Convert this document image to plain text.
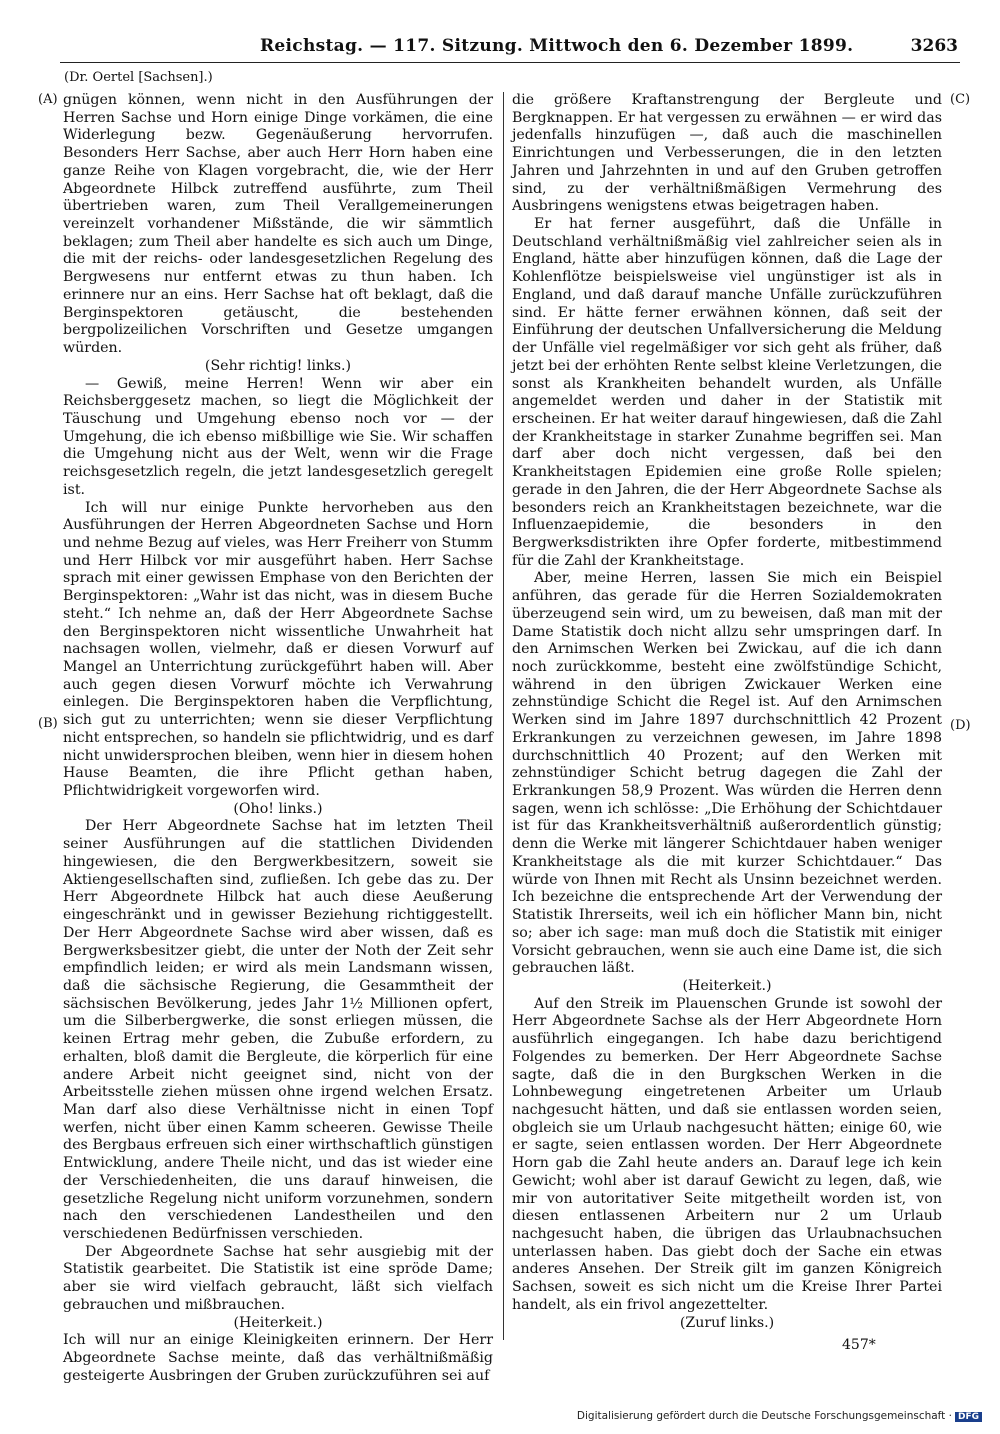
Reichstag. — 117. Sitzung. Mittwoch den 6. Dezember 1899.	3263
(Dr. Oertel [Sachsen].)
(A)
(B)
(C)
(D)

gnügen können, wenn nicht in den Ausführungen der Herren Sachse und Horn einige Dinge vorkämen, die eine Widerlegung bezw. Gegenäußerung hervorrufen. Besonders Herr Sachse, aber auch Herr Horn haben eine ganze Reihe von Klagen vorgebracht, die, wie der Herr Abgeordnete Hilbck zutreffend ausführte, zum Theil übertrieben waren, zum Theil Verallgemeinerungen vereinzelt vorhandener Mißstände, die wir sämmtlich beklagen; zum Theil aber handelte es sich auch um Dinge, die mit der reichs- oder landesgesetzlichen Regelung des Bergwesens nur entfernt etwas zu thun haben. Ich erinnere nur an eins. Herr Sachse hat oft beklagt, daß die Berginspektoren getäuscht, die bestehenden bergpolizeilichen Vorschriften und Gesetze umgangen würden.

(Sehr richtig! links.)

— Gewiß, meine Herren! Wenn wir aber ein Reichsberggesetz machen, so liegt die Möglichkeit der Täuschung und Umgehung ebenso noch vor — der Umgehung, die ich ebenso mißbillige wie Sie. Wir schaffen die Umgehung nicht aus der Welt, wenn wir die Frage reichsgesetzlich regeln, die jetzt landesgesetzlich geregelt ist.

Ich will nur einige Punkte hervorheben aus den Ausführungen der Herren Abgeordneten Sachse und Horn und nehme Bezug auf vieles, was Herr Freiherr von Stumm und Herr Hilbck vor mir ausgeführt haben. Herr Sachse sprach mit einer gewissen Emphase von den Berichten der Berginspektoren: „Wahr ist das nicht, was in diesem Buche steht.“ Ich nehme an, daß der Herr Abgeordnete Sachse den Berginspektoren nicht wissentliche Unwahrheit hat nachsagen wollen, vielmehr, daß er diesen Vorwurf auf Mangel an Unterrichtung zurückgeführt haben will. Aber auch gegen diesen Vorwurf möchte ich Verwahrung einlegen. Die Berginspektoren haben die Verpflichtung, sich gut zu unterrichten; wenn sie dieser Verpflichtung nicht entsprechen, so handeln sie pflichtwidrig, und es darf nicht unwidersprochen bleiben, wenn hier in diesem hohen Hause Beamten, die ihre Pflicht gethan haben, Pflichtwidrigkeit vorgeworfen wird.

(Oho! links.)

Der Herr Abgeordnete Sachse hat im letzten Theil seiner Ausführungen auf die stattlichen Dividenden hingewiesen, die den Bergwerkbesitzern, soweit sie Aktiengesellschaften sind, zufließen. Ich gebe das zu. Der Herr Abgeordnete Hilbck hat auch diese Aeußerung eingeschränkt und in gewisser Beziehung richtiggestellt. Der Herr Abgeordnete Sachse wird aber wissen, daß es Bergwerksbesitzer giebt, die unter der Noth der Zeit sehr empfindlich leiden; er wird als mein Landsmann wissen, daß die sächsische Regierung, die Gesammtheit der sächsischen Bevölkerung, jedes Jahr 1½ Millionen opfert, um die Silberbergwerke, die sonst erliegen müssen, die keinen Ertrag mehr geben, die Zubuße erfordern, zu erhalten, bloß damit die Bergleute, die körperlich für eine andere Arbeit nicht geeignet sind, nicht von der Arbeitsstelle ziehen müssen ohne irgend welchen Ersatz. Man darf also diese Verhältnisse nicht in einen Topf werfen, nicht über einen Kamm scheeren. Gewisse Theile des Bergbaus erfreuen sich einer wirthschaftlich günstigen Entwicklung, andere Theile nicht, und das ist wieder eine der Verschiedenheiten, die uns darauf hinweisen, die gesetzliche Regelung nicht uniform vorzunehmen, sondern nach den verschiedenen Landestheilen und den verschiedenen Bedürfnissen verschieden.

Der Abgeordnete Sachse hat sehr ausgiebig mit der Statistik gearbeitet. Die Statistik ist eine spröde Dame; aber sie wird vielfach gebraucht, läßt sich vielfach gebrauchen und mißbrauchen.

(Heiterkeit.)

Ich will nur an einige Kleinigkeiten erinnern. Der Herr Abgeordnete Sachse meinte, daß das verhältnißmäßig gesteigerte Ausbringen der Gruben zurückzuführen sei auf

die größere Kraftanstrengung der Bergleute und Bergknappen. Er hat vergessen zu erwähnen — er wird das jedenfalls hinzufügen —, daß auch die maschinellen Einrichtungen und Verbesserungen, die in den letzten Jahren und Jahrzehnten in und auf den Gruben getroffen sind, zu der verhältnißmäßigen Vermehrung des Ausbringens wenigstens etwas beigetragen haben.

Er hat ferner ausgeführt, daß die Unfälle in Deutschland verhältnißmäßig viel zahlreicher seien als in England, hätte aber hinzufügen können, daß die Lage der Kohlenflötze beispielsweise viel ungünstiger ist als in England, und daß darauf manche Unfälle zurückzuführen sind. Er hätte ferner erwähnen können, daß seit der Einführung der deutschen Unfallversicherung die Meldung der Unfälle viel regelmäßiger vor sich geht als früher, daß jetzt bei der erhöhten Rente selbst kleine Verletzungen, die sonst als Krankheiten behandelt wurden, als Unfälle angemeldet werden und daher in der Statistik mit erscheinen. Er hat weiter darauf hingewiesen, daß die Zahl der Krankheitstage in starker Zunahme begriffen sei. Man darf aber doch nicht vergessen, daß bei den Krankheitstagen Epidemien eine große Rolle spielen; gerade in den Jahren, die der Herr Abgeordnete Sachse als besonders reich an Krankheitstagen bezeichnete, war die Influenzaepidemie, die besonders in den Bergwerksdistrikten ihre Opfer forderte, mitbestimmend für die Zahl der Krankheitstage.

Aber, meine Herren, lassen Sie mich ein Beispiel anführen, das gerade für die Herren Sozialdemokraten überzeugend sein wird, um zu beweisen, daß man mit der Dame Statistik doch nicht allzu sehr umspringen darf. In den Arnimschen Werken bei Zwickau, auf die ich dann noch zurückkomme, besteht eine zwölfstündige Schicht, während in den übrigen Zwickauer Werken eine zehnstündige Schicht die Regel ist. Auf den Arnimschen Werken sind im Jahre 1897 durchschnittlich 42 Prozent Erkrankungen zu verzeichnen gewesen, im Jahre 1898 durchschnittlich 40 Prozent; auf den Werken mit zehnstündiger Schicht betrug dagegen die Zahl der Erkrankungen 58,9 Prozent. Was würden die Herren denn sagen, wenn ich schlösse: „Die Erhöhung der Schichtdauer ist für das Krankheitsverhältniß außerordentlich günstig; denn die Werke mit längerer Schichtdauer haben weniger Krankheitstage als die mit kurzer Schichtdauer.“ Das würde von Ihnen mit Recht als Unsinn bezeichnet werden. Ich bezeichne die entsprechende Art der Verwendung der Statistik Ihrerseits, weil ich ein höflicher Mann bin, nicht so; aber ich sage: man muß doch die Statistik mit einiger Vorsicht gebrauchen, wenn sie auch eine Dame ist, die sich gebrauchen läßt.

(Heiterkeit.)

Auf den Streik im Plauenschen Grunde ist sowohl der Herr Abgeordnete Sachse als der Herr Abgeordnete Horn ausführlich eingegangen. Ich habe dazu berichtigend Folgendes zu bemerken. Der Herr Abgeordnete Sachse sagte, daß die in den Burgkschen Werken in die Lohnbewegung eingetretenen Arbeiter um Urlaub nachgesucht hätten, und daß sie entlassen worden seien, obgleich sie um Urlaub nachgesucht hätten; einige 60, wie er sagte, seien entlassen worden. Der Herr Abgeordnete Horn gab die Zahl heute anders an. Darauf lege ich kein Gewicht; wohl aber ist darauf Gewicht zu legen, daß, wie mir von autoritativer Seite mitgetheilt worden ist, von diesen entlassenen Arbeitern nur 2 um Urlaub nachgesucht haben, die übrigen das Urlaubnachsuchen unterlassen haben. Das giebt doch der Sache ein etwas anderes Ansehen. Der Streik gilt im ganzen Königreich Sachsen, soweit es sich nicht um die Kreise Ihrer Partei handelt, als ein frivol angezettelter.

(Zuruf links.)
457*
Digitalisierung gefördert durch die Deutsche Forschungsgemeinschaft · DFG
